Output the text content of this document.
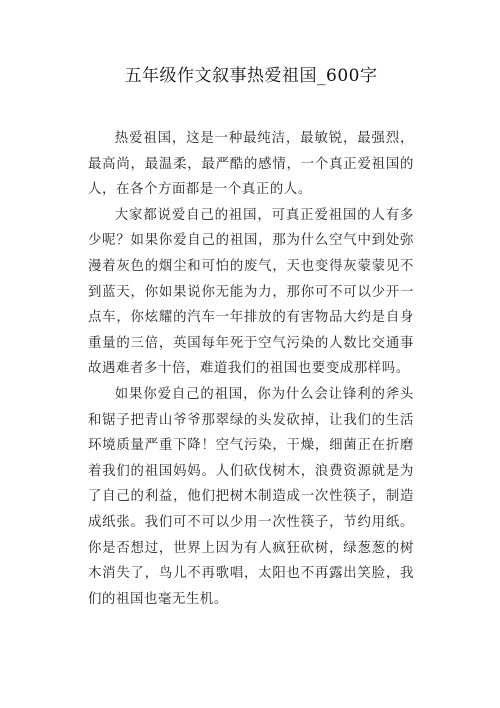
五年级作文叙事热爱祖国_600字

热爱祖国，这是一种最纯洁，最敏锐，最强烈，最高尚，最温柔，最严酷的感情，一个真正爱祖国的人，在各个方面都是一个真正的人。

大家都说爱自己的祖国，可真正爱祖国的人有多少呢？如果你爱自己的祖国，那为什么空气中到处弥漫着灰色的烟尘和可怕的废气，天也变得灰蒙蒙见不到蓝天，你如果说你无能为力，那你可不可以少开一点车，你炫耀的汽车一年排放的有害物品大约是自身重量的三倍，英国每年死于空气污染的人数比交通事故遇难者多十倍，难道我们的祖国也要变成那样吗。

如果你爱自己的祖国，你为什么会让锋利的斧头和锯子把青山爷爷那翠绿的头发砍掉，让我们的生活环境质量严重下降！空气污染，干燥，细菌正在折磨着我们的祖国妈妈。人们砍伐树木，浪费资源就是为了自己的利益，他们把树木制造成一次性筷子，制造成纸张。我们可不可以少用一次性筷子，节约用纸。你是否想过，世界上因为有人疯狂砍树，绿葱葱的树木消失了，鸟儿不再歌唱，太阳也不再露出笑脸，我们的祖国也毫无生机。
